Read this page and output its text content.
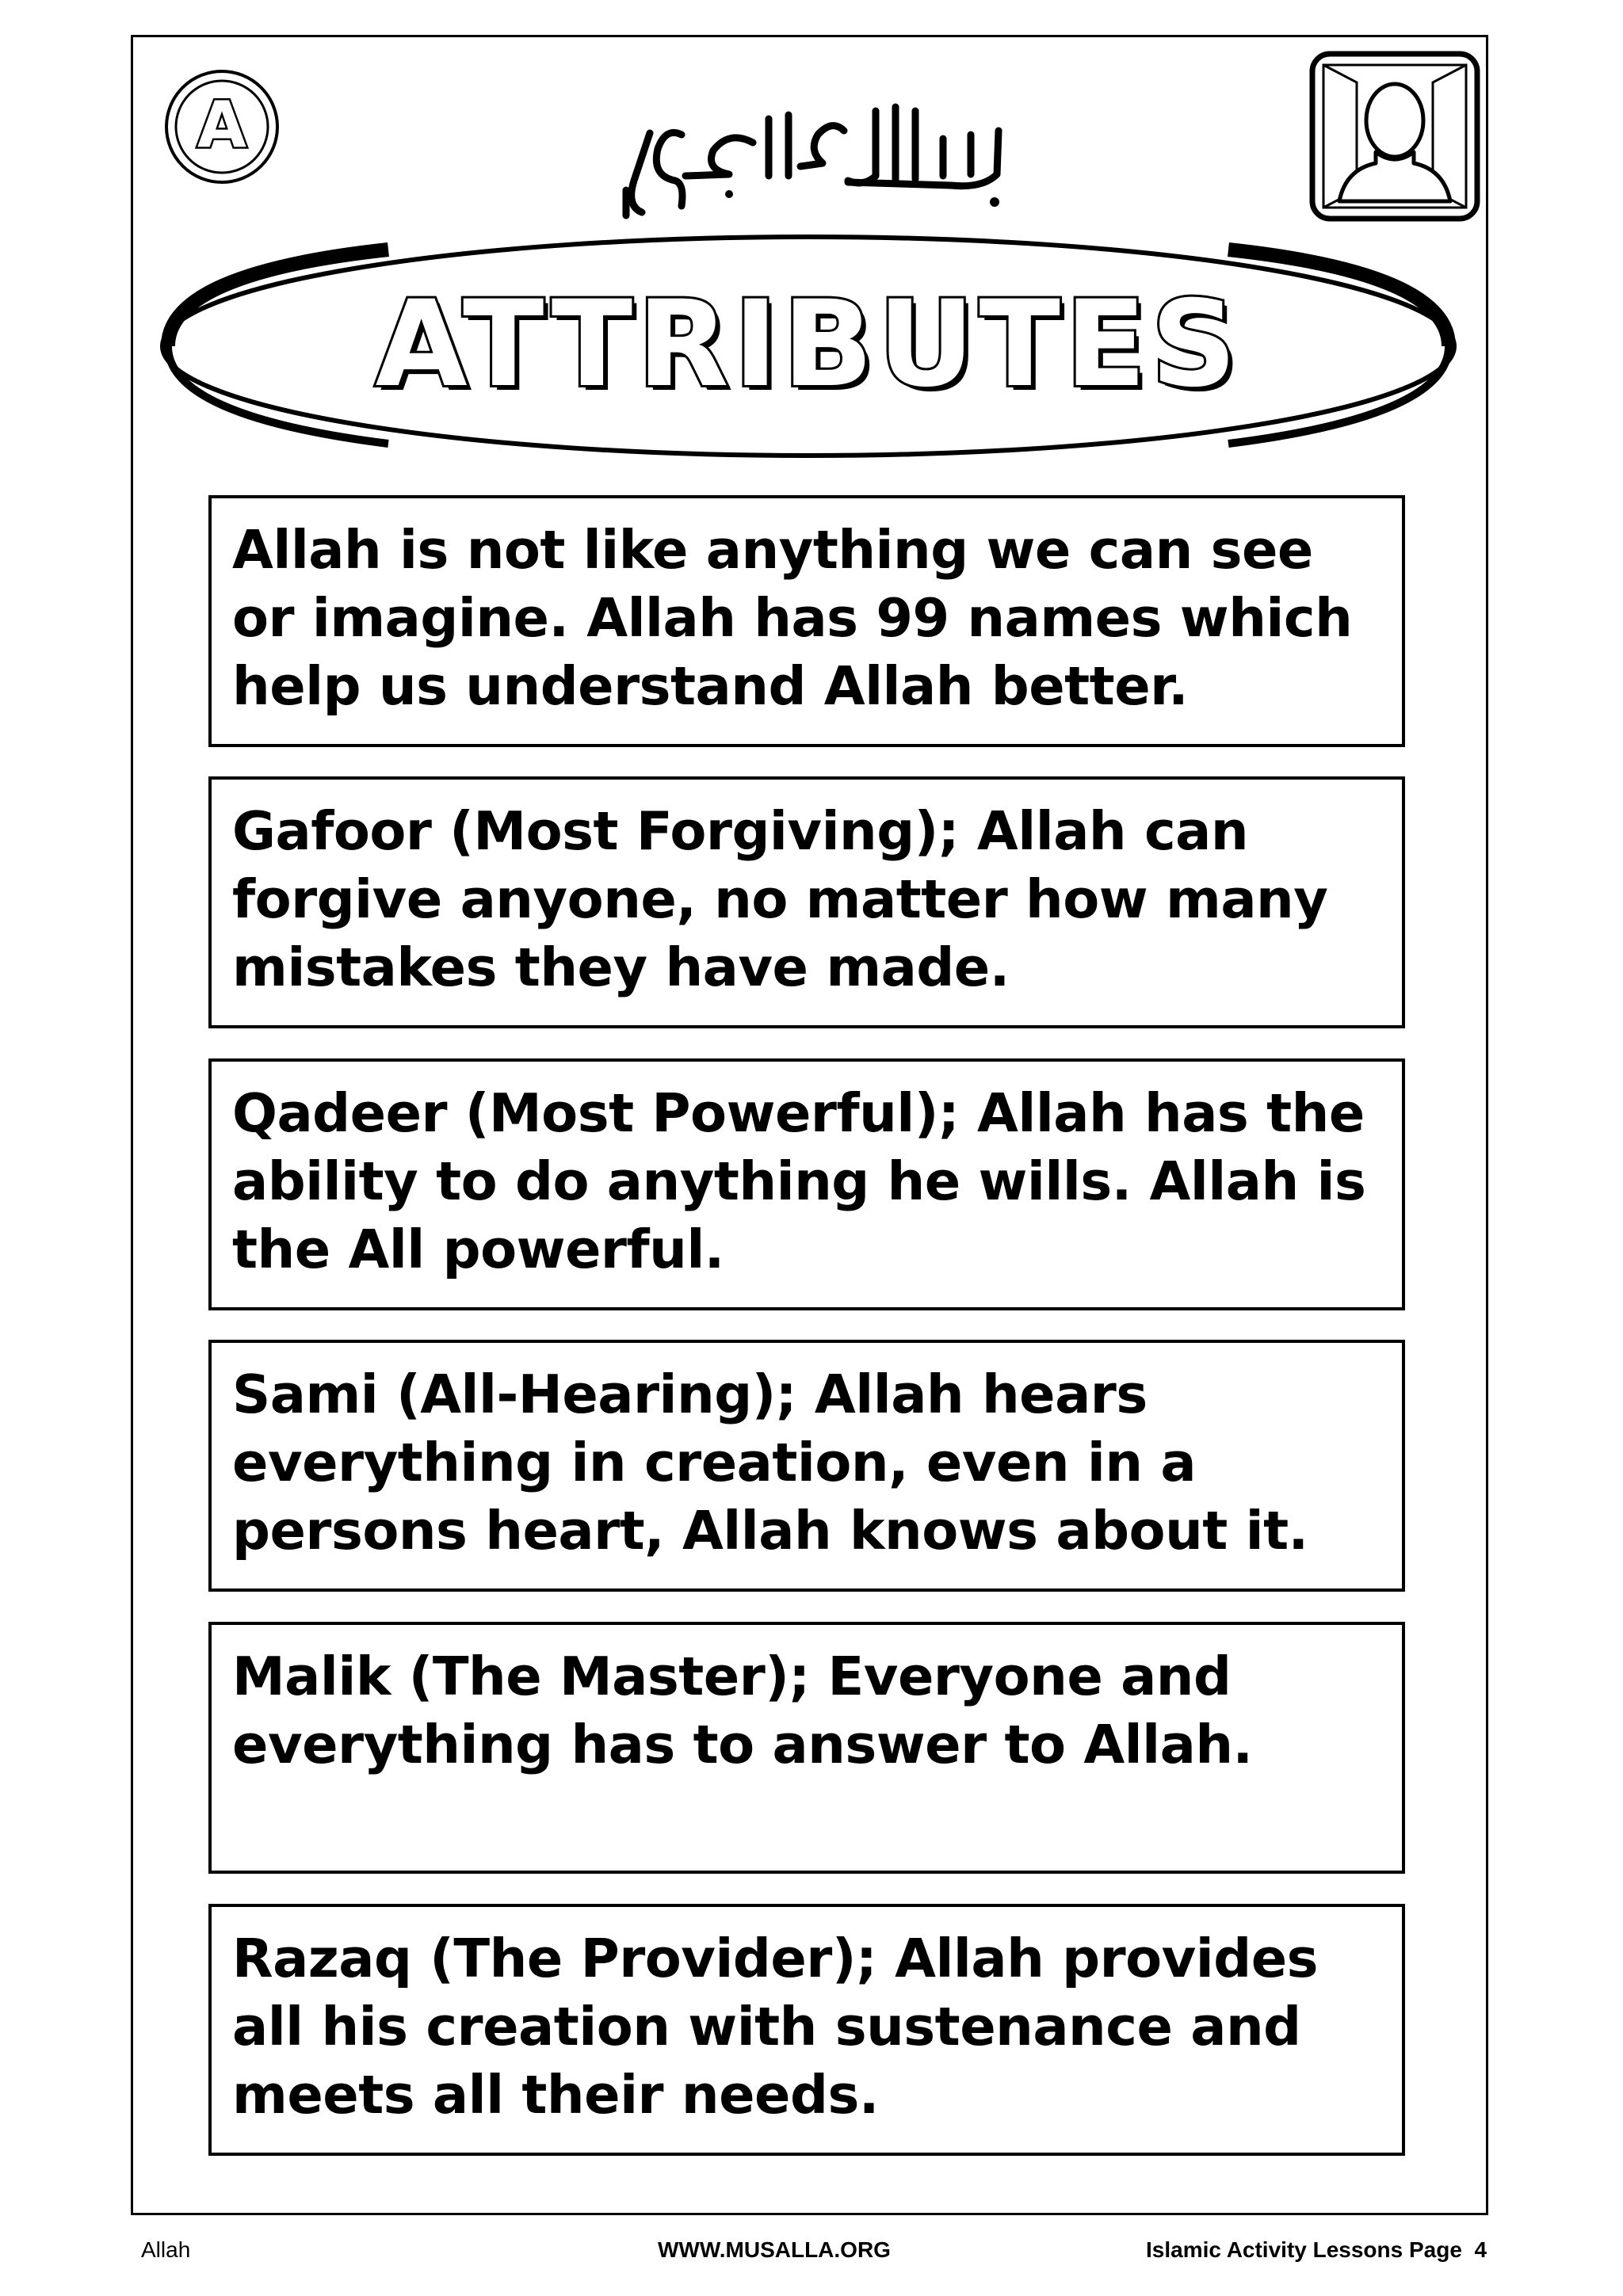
A
ATTRIBUTES
Allah is not like anything we can see or imagine. Allah has 99 names which help us understand Allah better.
Gafoor (Most Forgiving); Allah can forgive anyone, no matter how many mistakes they have made.
Qadeer (Most Powerful); Allah has the ability to do anything he wills. Allah is the All powerful.
Sami (All-Hearing); Allah hears everything in creation, even in a persons heart, Allah knows about it.
Malik (The Master); Everyone and everything has to answer to Allah.
Razaq (The Provider); Allah provides all his creation with sustenance and meets all their needs.
Allah	WWW.MUSALLA.ORG	Islamic Activity Lessons Page  4
